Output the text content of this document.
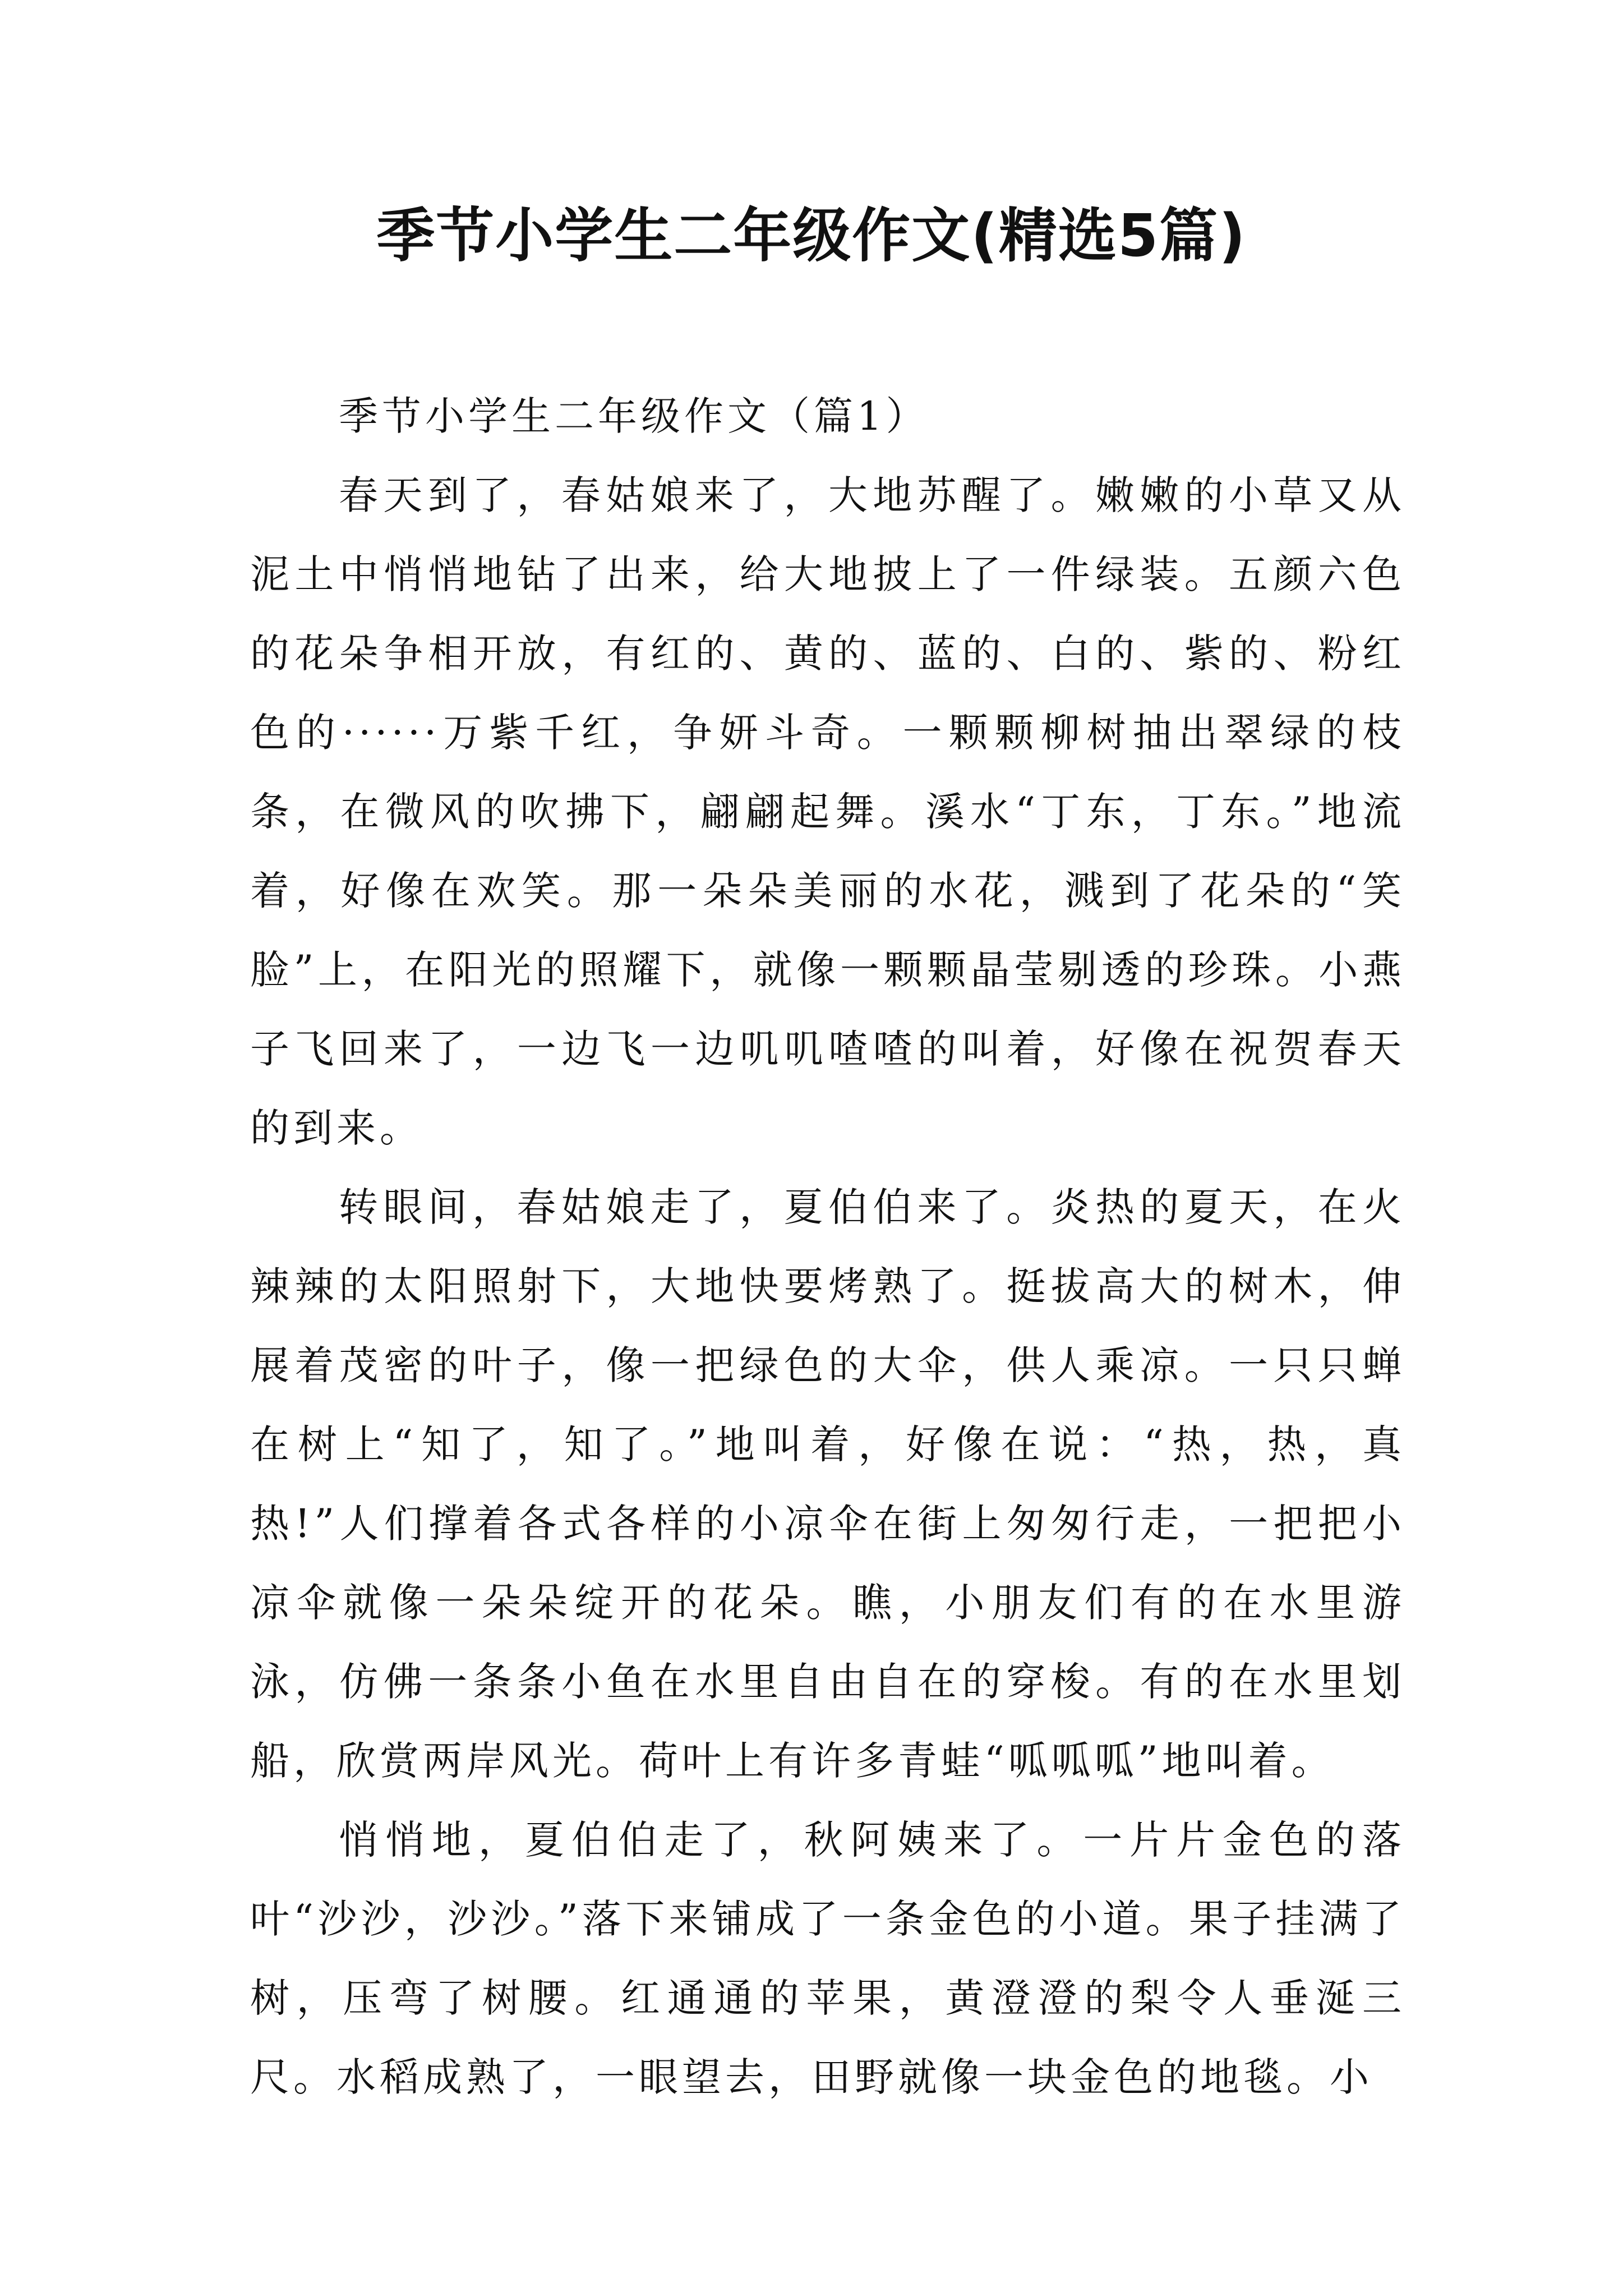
季节小学生二年级作文(精选5篇)
季节小学生二年级作文（篇1）

春天到了，春姑娘来了，大地苏醒了。嫩嫩的小草又从泥土中悄悄地钻了出来，给大地披上了一件绿装。五颜六色的花朵争相开放，有红的、黄的、蓝的、白的、紫的、粉红色的······万紫千红，争妍斗奇。一颗颗柳树抽出翠绿的枝条，在微风的吹拂下，翩翩起舞。溪水“丁东，丁东。”地流着，好像在欢笑。那一朵朵美丽的水花，溅到了花朵的“笑脸”上，在阳光的照耀下，就像一颗颗晶莹剔透的珍珠。小燕子飞回来了，一边飞一边叽叽喳喳的叫着，好像在祝贺春天的到来。

转眼间，春姑娘走了，夏伯伯来了。炎热的夏天，在火辣辣的太阳照射下，大地快要烤熟了。挺拔高大的树木，伸展着茂密的叶子，像一把绿色的大伞，供人乘凉。一只只蝉在树上“知了，知了。”地叫着，好像在说：“热，热，真热!”人们撑着各式各样的小凉伞在街上匆匆行走，一把把小凉伞就像一朵朵绽开的花朵。瞧，小朋友们有的在水里游泳，仿佛一条条小鱼在水里自由自在的穿梭。有的在水里划船，欣赏两岸风光。荷叶上有许多青蛙“呱呱呱”地叫着。

悄悄地，夏伯伯走了，秋阿姨来了。一片片金色的落叶“沙沙，沙沙。”落下来铺成了一条金色的小道。果子挂满了树，压弯了树腰。红通通的苹果，黄澄澄的梨令人垂涎三尺。水稻成熟了，一眼望去，田野就像一块金色的地毯。小
